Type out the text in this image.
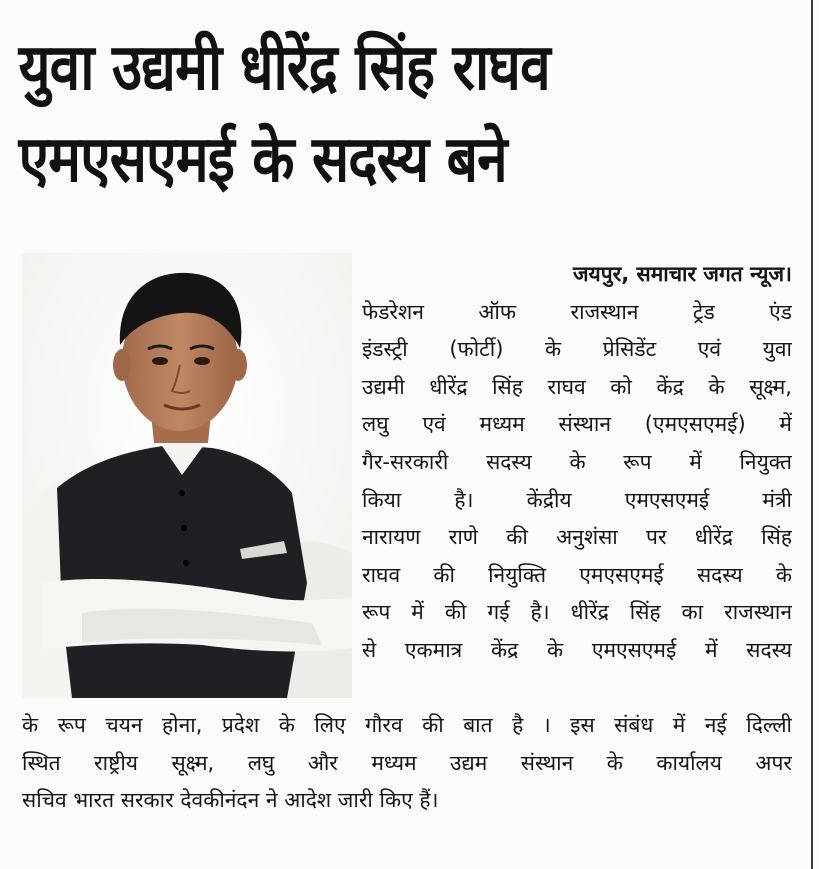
युवा उद्यमी धीरेंद्र सिंह राघव
एमएसएमई के सदस्य बने
जयपुर, समाचार जगत न्यूज।
फेडरेशन ऑफ राजस्थान ट्रेड एंड
इंडस्ट्री (फोर्टी) के प्रेसिडेंट एवं युवा
उद्यमी धीरेंद्र सिंह राघव को केंद्र के सूक्ष्म,
लघु एवं मध्यम संस्थान (एमएसएमई) में
गैर-सरकारी सदस्य के रूप में नियुक्त
किया है। केंद्रीय एमएसएमई मंत्री
नारायण राणे की अनुशंसा पर धीरेंद्र सिंह
राघव की नियुक्ति एमएसएमई सदस्य के
रूप में की गई है। धीरेंद्र सिंह का राजस्थान
से एकमात्र केंद्र के एमएसएमई में सदस्य
के रूप चयन होना, प्रदेश के लिए गौरव की बात है । इस संबंध में नई दिल्ली
स्थित राष्ट्रीय सूक्ष्म, लघु और मध्यम उद्यम संस्थान के कार्यालय अपर
सचिव भारत सरकार देवकीनंदन ने आदेश जारी किए हैं।
